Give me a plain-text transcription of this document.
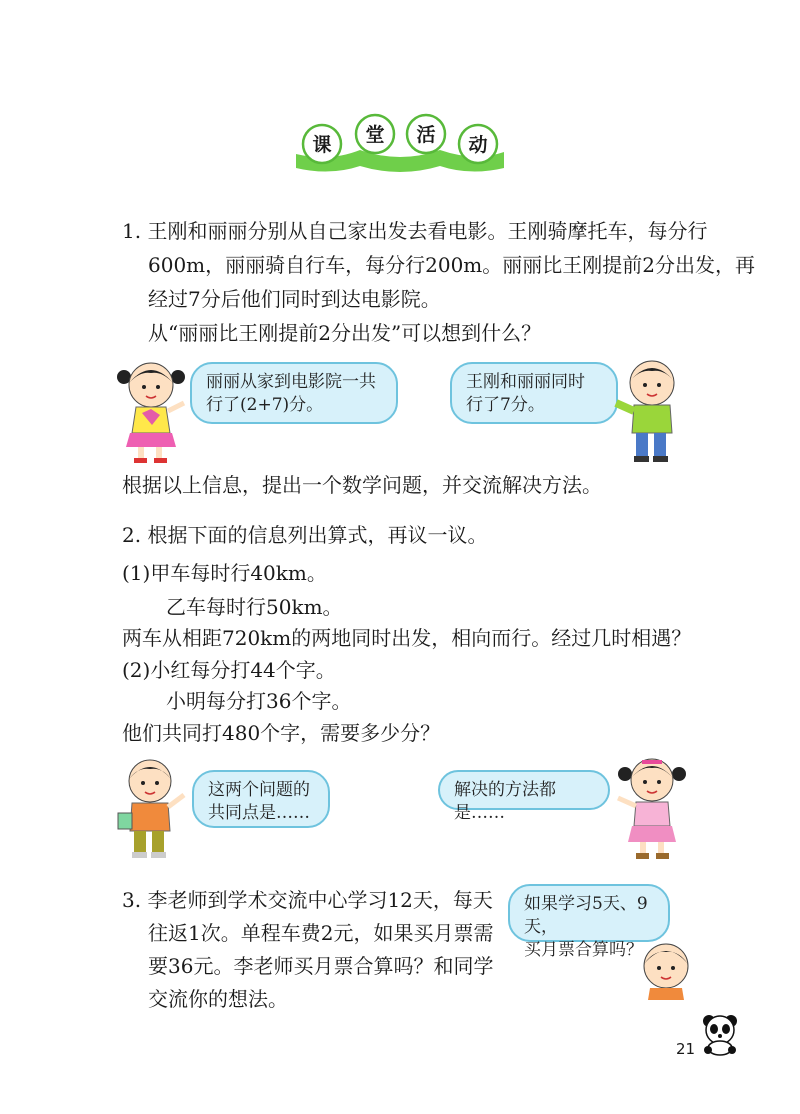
课 堂 活 动
1. 王刚和丽丽分别从自己家出发去看电影。王刚骑摩托车，每分行
600m，丽丽骑自行车，每分行200m。丽丽比王刚提前2分出发，再
经过7分后他们同时到达电影院。
从“丽丽比王刚提前2分出发”可以想到什么？
丽丽从家到电影院一共
行了(2+7)分。
王刚和丽丽同时
行了7分。
根据以上信息，提出一个数学问题，并交流解决方法。
2. 根据下面的信息列出算式，再议一议。
(1)甲车每时行40km。
乙车每时行50km。
两车从相距720km的两地同时出发，相向而行。经过几时相遇？
(2)小红每分打44个字。
小明每分打36个字。
他们共同打480个字，需要多少分？
这两个问题的
共同点是……
解决的方法都是……
3. 李老师到学术交流中心学习12天，每天
往返1次。单程车费2元，如果买月票需
要36元。李老师买月票合算吗？和同学
交流你的想法。
如果学习5天、9天，
买月票合算吗？
21
